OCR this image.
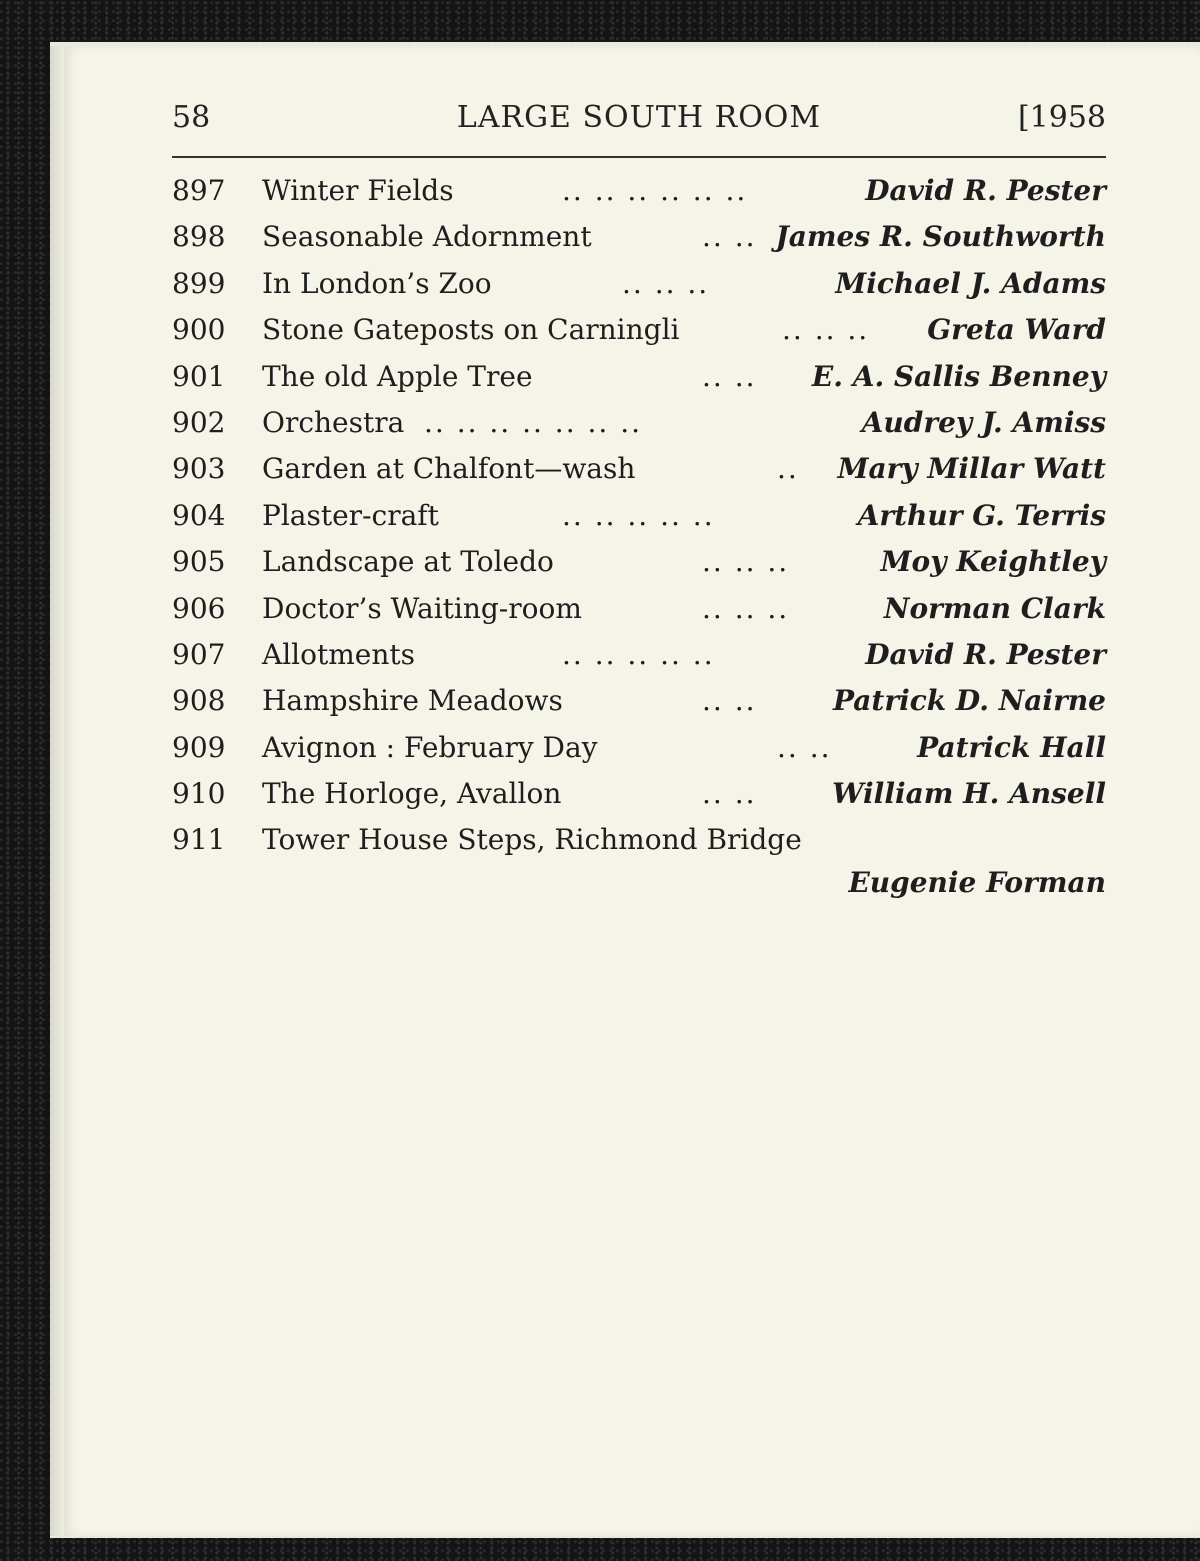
58	LARGE SOUTH ROOM	[1958
897 Winter Fields	.. .. .. .. .. ..	David R. Pester
898 Seasonable Adornment	.. .. James R. Southworth
899 In London’s Zoo	.. .. ..	Michael J. Adams
900 Stone Gateposts on Carningli	.. .. .. Greta Ward
901 The old Apple Tree	.. .. E. A. Sallis Benney
902 Orchestra .. .. .. .. .. .. ..	Audrey J. Amiss
903 Garden at Chalfont—wash	.. Mary Millar Watt
904 Plaster-craft	.. .. .. .. ..	Arthur G. Terris
905 Landscape at Toledo	.. .. ..	Moy Keightley
906 Doctor’s Waiting-room	.. .. ..	Norman Clark
907 Allotments	.. .. .. .. ..	David R. Pester
908 Hampshire Meadows	.. ..	Patrick D. Nairne
909 Avignon : February Day	.. ..	Patrick Hall
910 The Horloge, Avallon	.. ..	William H. Ansell
911 Tower House Steps, Richmond Bridge
Eugenie Forman
